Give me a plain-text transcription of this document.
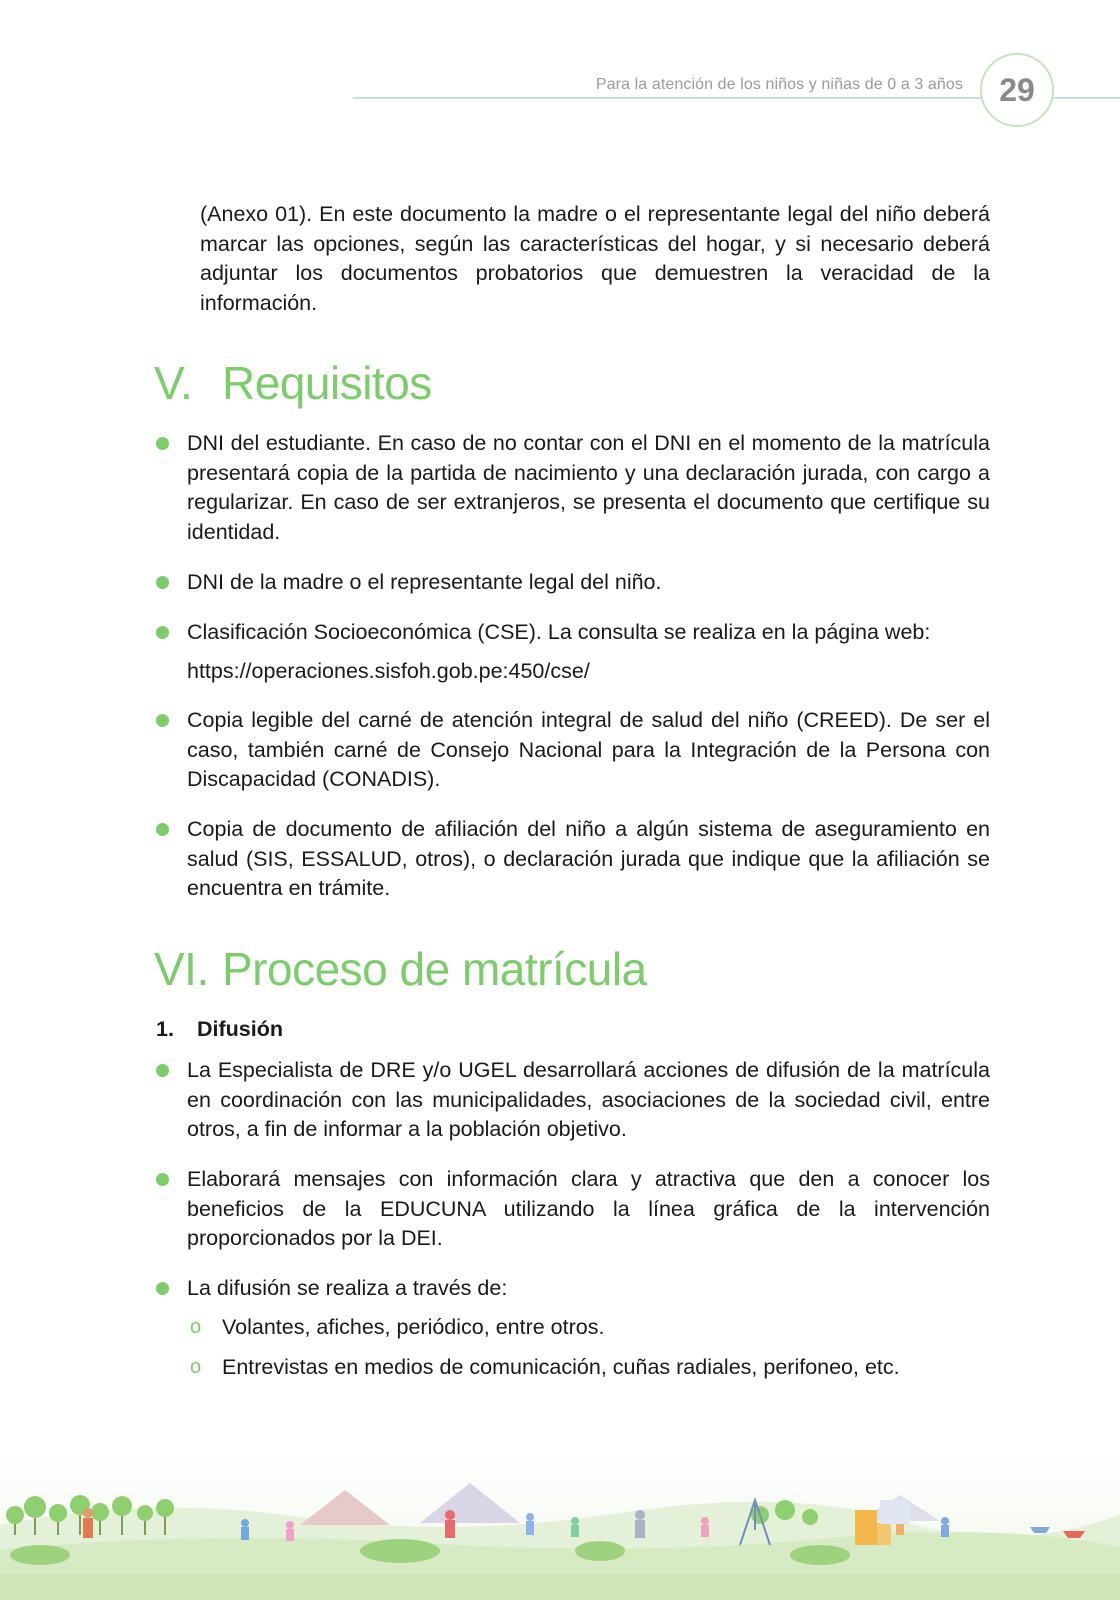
Para la atención de los niños y niñas de 0 a 3 años 29
(Anexo 01). En este documento la madre o el representante legal del niño deberá marcar las opciones, según las características del hogar, y si necesario deberá adjuntar los documentos probatorios que demuestren la veracidad de la información.
V. Requisitos
DNI del estudiante. En caso de no contar con el DNI en el momento de la matrícula presentará copia de la partida de nacimiento y una declaración jurada, con cargo a regularizar. En caso de ser extranjeros, se presenta el documento que certifique su identidad.
DNI de la madre o el representante legal del niño.
Clasificación Socioeconómica (CSE). La consulta se realiza en la página web:
https://operaciones.sisfoh.gob.pe:450/cse/
Copia legible del carné de atención integral de salud del niño (CREED). De ser el caso, también carné de Consejo Nacional para la Integración de la Persona con Discapacidad (CONADIS).
Copia de documento de afiliación del niño a algún sistema de aseguramiento en salud (SIS, ESSALUD, otros), o declaración jurada que indique que la afiliación se encuentra en trámite.
VI. Proceso de matrícula
1.	Difusión
La Especialista de DRE y/o UGEL desarrollará acciones de difusión de la matrícula en coordinación con las municipalidades, asociaciones de la sociedad civil, entre otros, a fin de informar a la población objetivo.
Elaborará mensajes con información clara y atractiva que den a conocer los beneficios de la EDUCUNA utilizando la línea gráfica de la intervención proporcionados por la DEI.
La difusión se realiza a través de:
o Volantes, afiches, periódico, entre otros.
o Entrevistas en medios de comunicación, cuñas radiales, perifoneo, etc.
